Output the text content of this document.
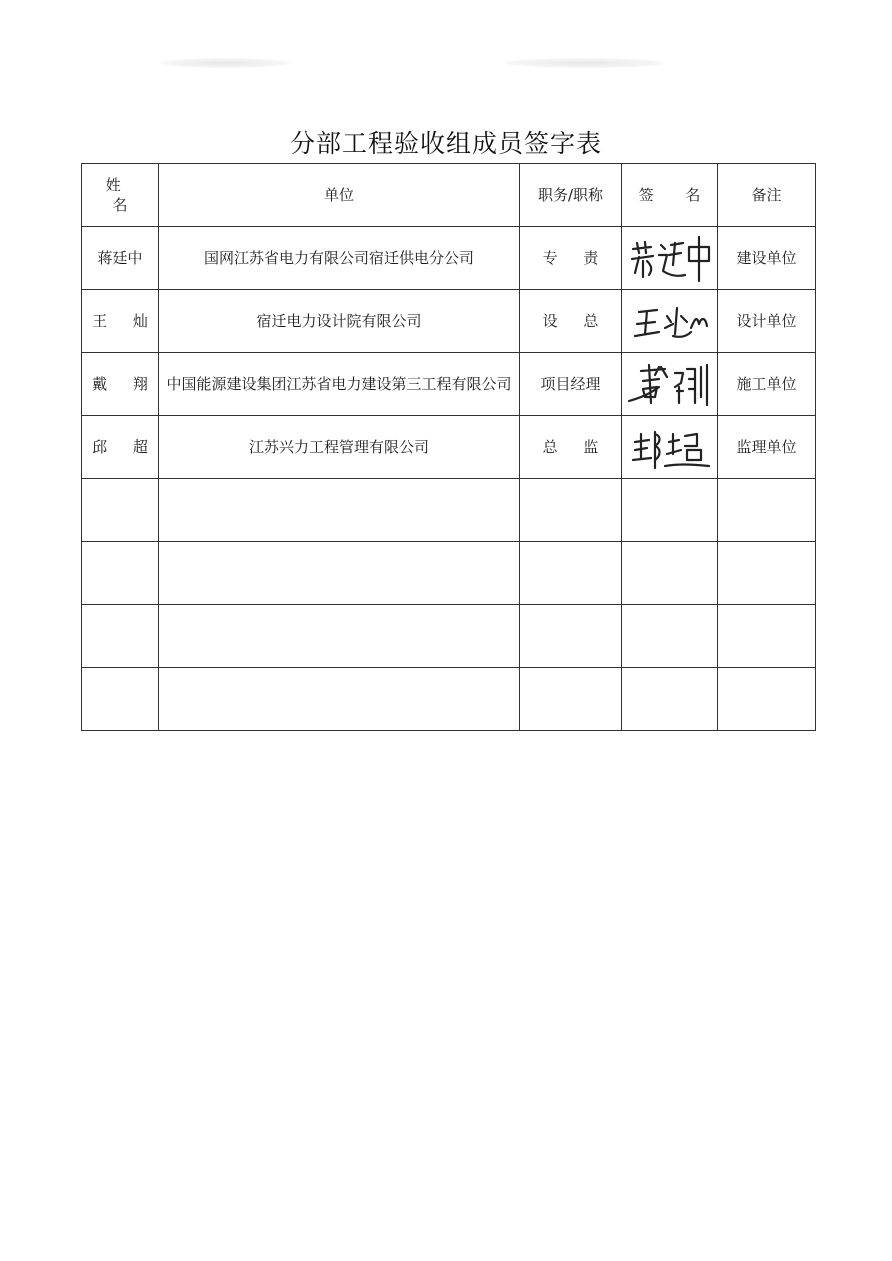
分部工程验收组成员签字表
姓 名	单位	职务/职称	签 名	备注
蒋廷中	国网江苏省电力有限公司宿迁供电分公司	专 责		建设单位
王 灿	宿迁电力设计院有限公司	设 总		设计单位
戴 翔	中国能源建设集团江苏省电力建设第三工程有限公司	项目经理		施工单位
邱 超	江苏兴力工程管理有限公司	总 监		监理单位
